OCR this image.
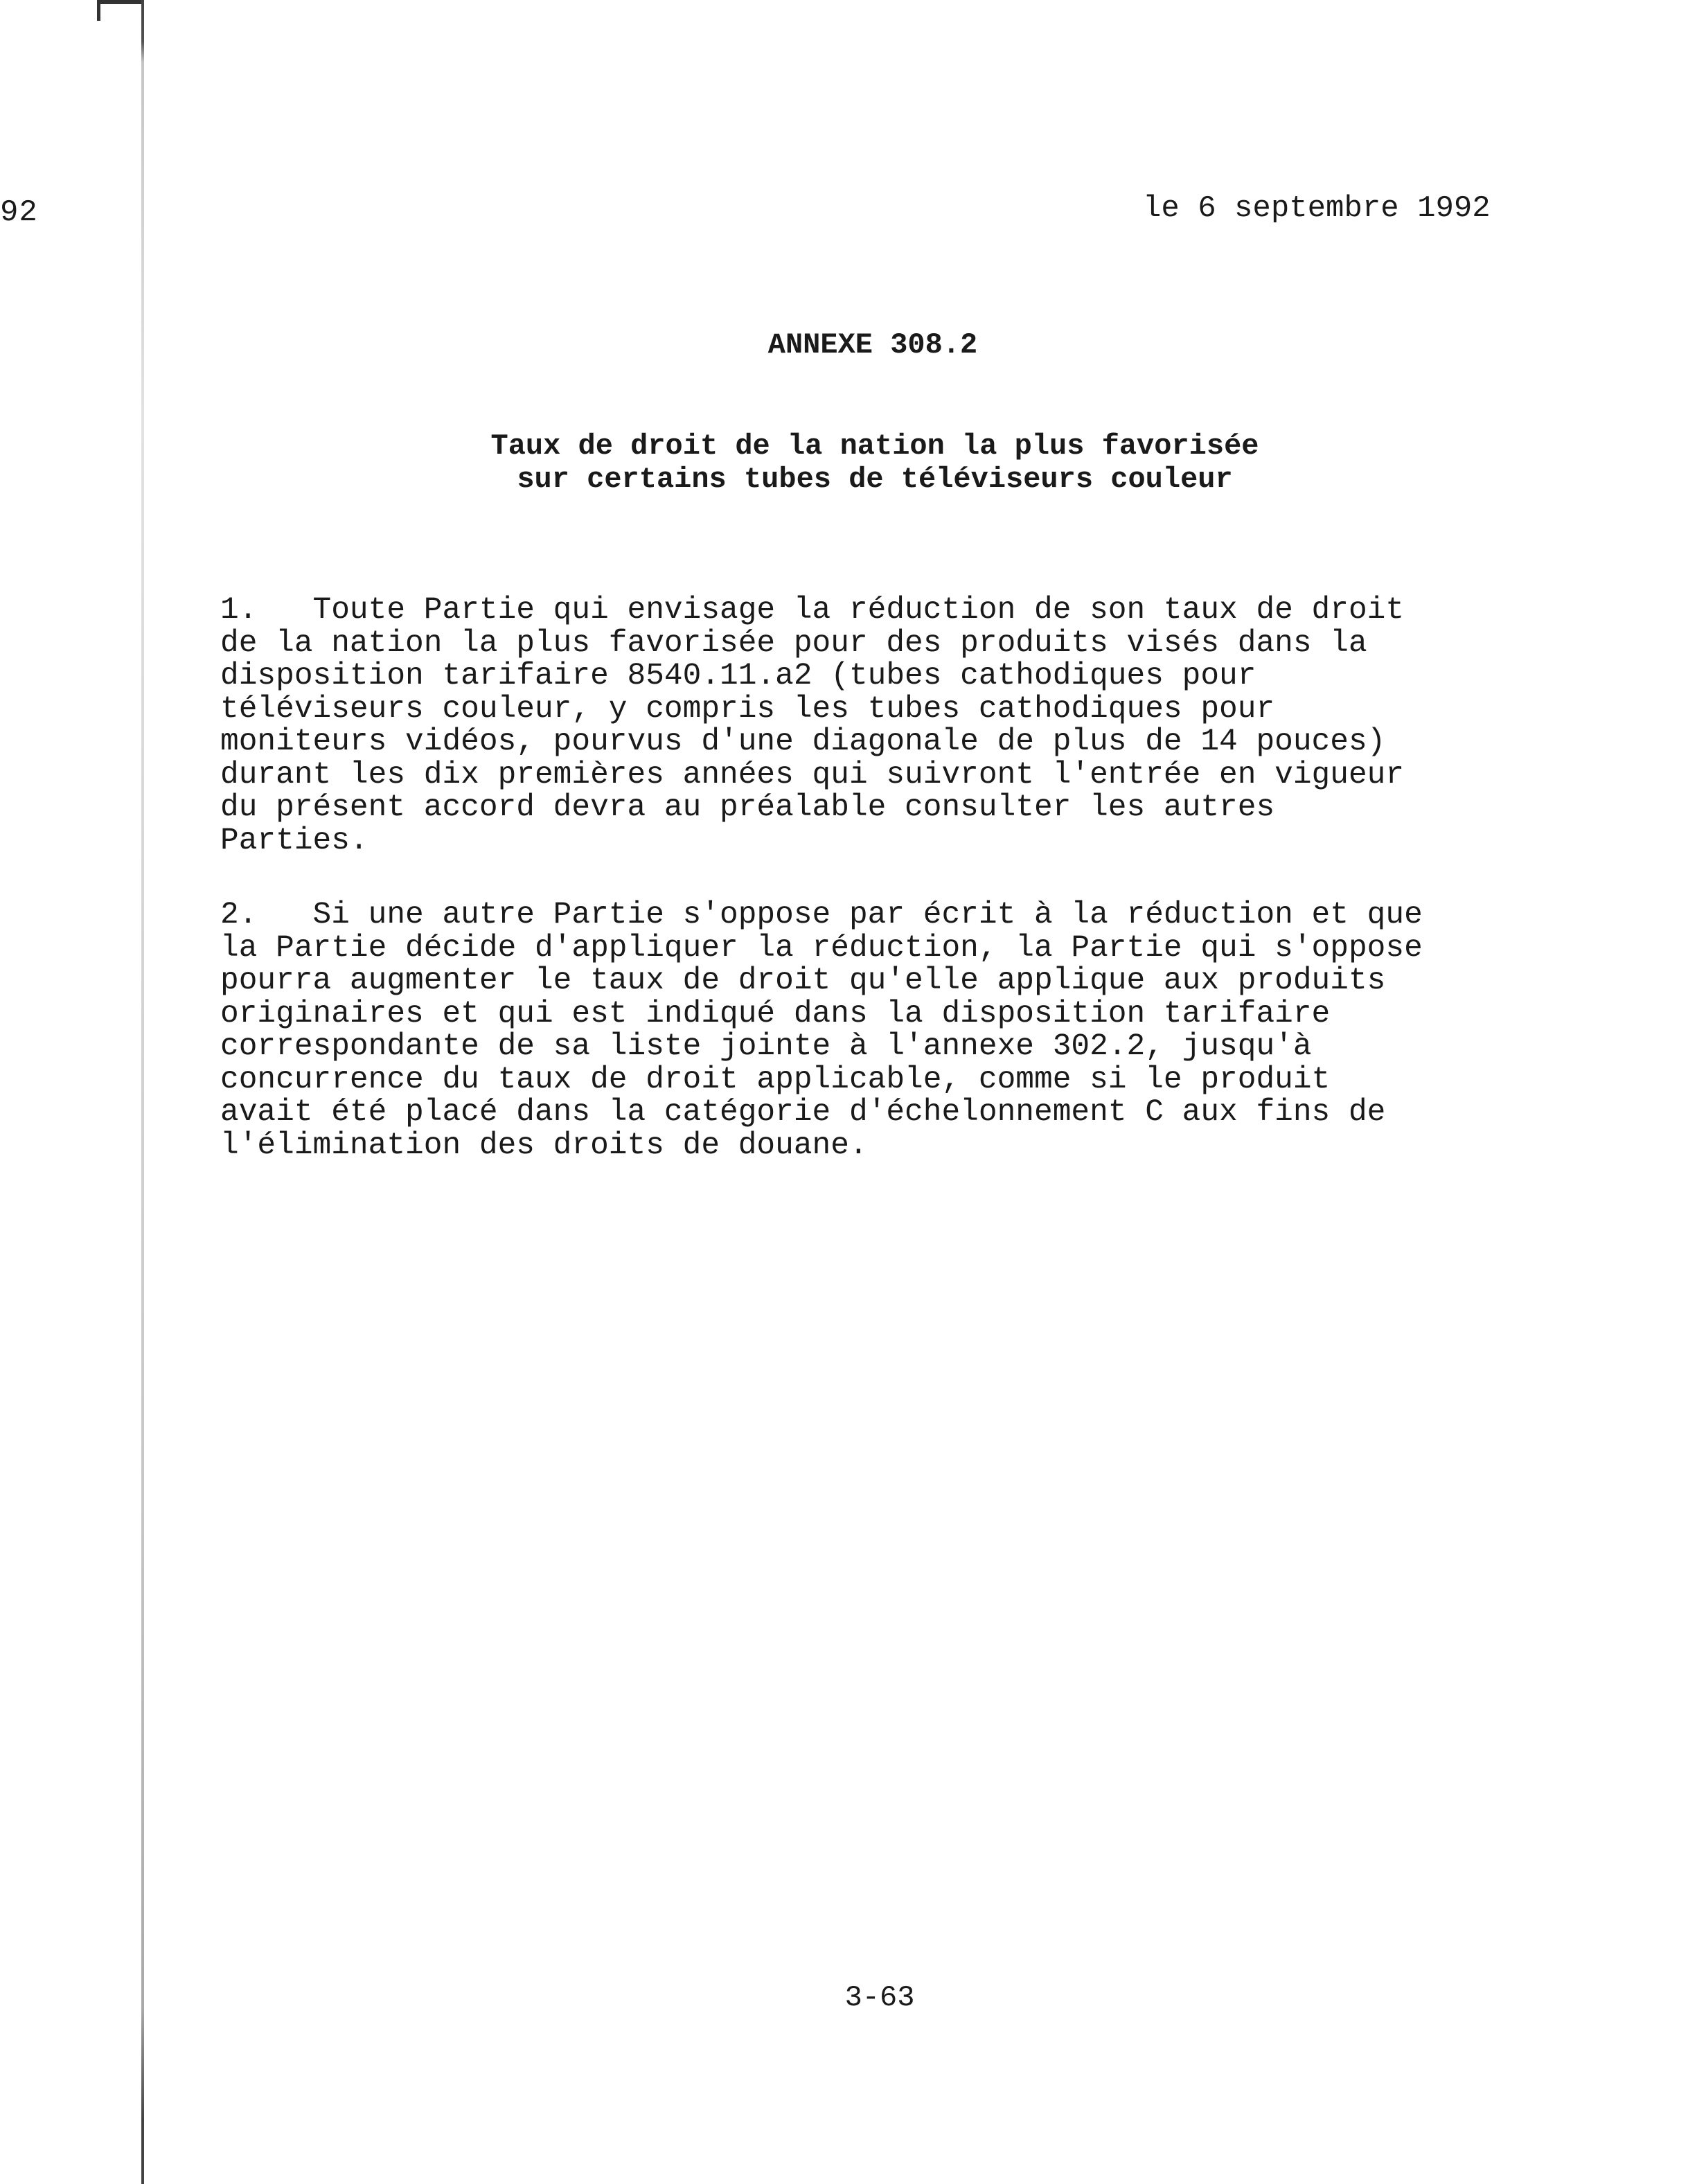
92	le 6 septembre 1992
ANNEXE 308.2
Taux de droit de la nation la plus favorisée
sur certains tubes de téléviseurs couleur
1.   Toute Partie qui envisage la réduction de son taux de droit
de la nation la plus favorisée pour des produits visés dans la
disposition tarifaire 8540.11.a2 (tubes cathodiques pour
téléviseurs couleur, y compris les tubes cathodiques pour
moniteurs vidéos, pourvus d'une diagonale de plus de 14 pouces)
durant les dix premières années qui suivront l'entrée en vigueur
du présent accord devra au préalable consulter les autres
Parties.
2.   Si une autre Partie s'oppose par écrit à la réduction et que
la Partie décide d'appliquer la réduction, la Partie qui s'oppose
pourra augmenter le taux de droit qu'elle applique aux produits
originaires et qui est indiqué dans la disposition tarifaire
correspondante de sa liste jointe à l'annexe 302.2, jusqu'à
concurrence du taux de droit applicable, comme si le produit
avait été placé dans la catégorie d'échelonnement C aux fins de
l'élimination des droits de douane.
3-63
